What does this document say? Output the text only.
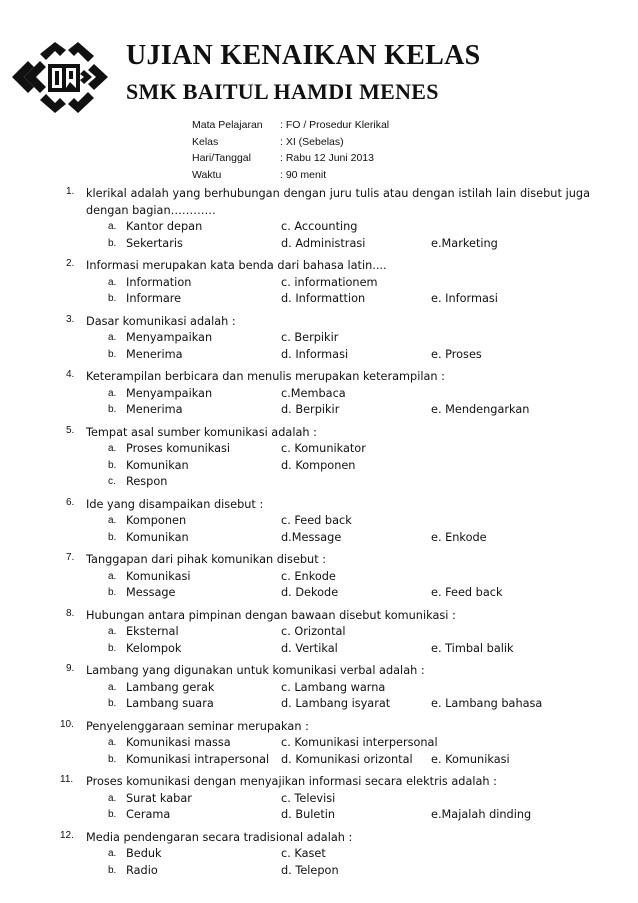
UJIAN KENAIKAN KELAS
SMK BAITUL HAMDI MENES
Mata Pelajaran	: FO / Prosedur Klerikal
Kelas	: XI (Sebelas)
Hari/Tanggal	: Rabu 12 Juni 2013
Waktu	: 90 menit
1.	klerikal adalah yang berhubungan dengan juru tulis atau dengan istilah lain disebut juga dengan bagian…………
a. Kantor depan	c. Accounting
b. Sekertaris	d. Administrasi	e.Marketing
2.	Informasi merupakan kata benda dari bahasa latin....
a. Information	c. informationem
b. Informare	d. Informattion	e. Informasi
3.	Dasar komunikasi adalah :
a. Menyampaikan	c. Berpikir
b. Menerima	d. Informasi	e. Proses
4.	Keterampilan berbicara dan menulis merupakan keterampilan :
a. Menyampaikan	c.Membaca
b. Menerima	d. Berpikir	e. Mendengarkan
5.	Tempat asal sumber komunikasi adalah :
a. Proses komunikasi	c. Komunikator
b. Komunikan	d. Komponen
c. Respon
6.	Ide yang disampaikan disebut :
a. Komponen	c. Feed back
b. Komunikan	d.Message	e. Enkode
7.	Tanggapan dari pihak komunikan disebut :
a. Komunikasi	c. Enkode
b. Message	d. Dekode	e. Feed back
8.	Hubungan antara pimpinan dengan bawaan disebut komunikasi :
a. Eksternal	c. Orizontal
b. Kelompok	d. Vertikal	e. Timbal balik
9.	Lambang yang digunakan untuk komunikasi verbal adalah :
a. Lambang gerak	c. Lambang warna
b. Lambang suara	d. Lambang isyarat	e. Lambang bahasa
10.	Penyelenggaraan seminar merupakan :
a. Komunikasi massa	c. Komunikasi interpersonal
b. Komunikasi intrapersonal d. Komunikasi orizontal e. Komunikasi
11.	Proses komunikasi dengan menyajikan informasi secara elektris adalah :
a. Surat kabar	c. Televisi
b. Cerama	d. Buletin	e.Majalah dinding
12.	Media pendengaran secara tradisional adalah :
a. Beduk	c. Kaset
b. Radio	d. Telepon
